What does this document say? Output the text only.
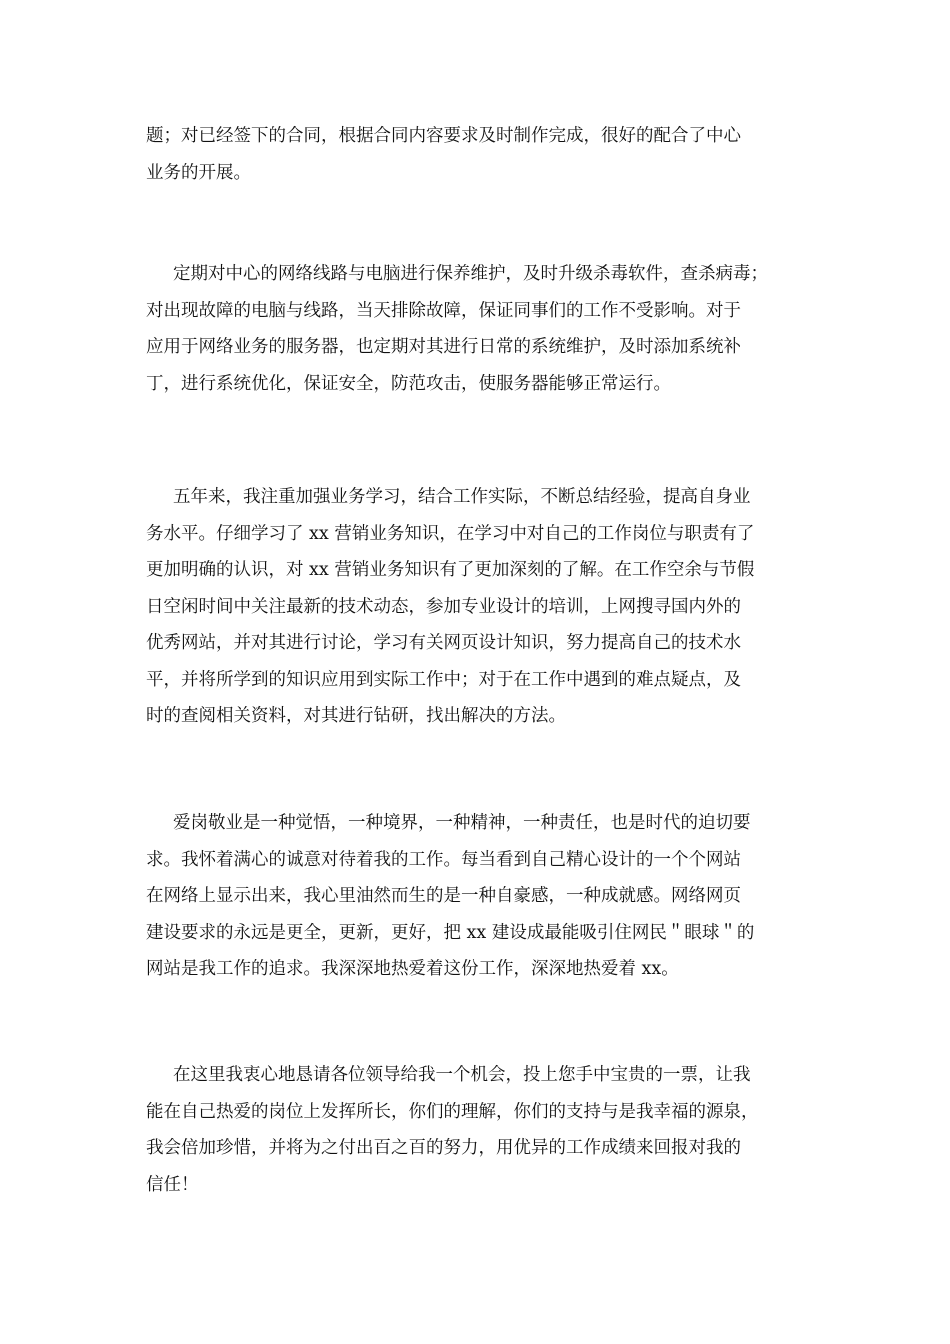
题；对已经签下的合同，根据合同内容要求及时制作完成，很好的配合了中心
业务的开展。
定期对中心的网络线路与电脑进行保养维护，及时升级杀毒软件，查杀病毒；
对出现故障的电脑与线路，当天排除故障，保证同事们的工作不受影响。对于
应用于网络业务的服务器，也定期对其进行日常的系统维护，及时添加系统补
丁，进行系统优化，保证安全，防范攻击，使服务器能够正常运行。
五年来，我注重加强业务学习，结合工作实际，不断总结经验，提高自身业
务水平。仔细学习了 xx 营销业务知识，在学习中对自己的工作岗位与职责有了
更加明确的认识，对 xx 营销业务知识有了更加深刻的了解。在工作空余与节假
日空闲时间中关注最新的技术动态，参加专业设计的培训，上网搜寻国内外的
优秀网站，并对其进行讨论，学习有关网页设计知识，努力提高自己的技术水
平，并将所学到的知识应用到实际工作中；对于在工作中遇到的难点疑点，及
时的查阅相关资料，对其进行钻研，找出解决的方法。
爱岗敬业是一种觉悟，一种境界，一种精神，一种责任，也是时代的迫切要
求。我怀着满心的诚意对待着我的工作。每当看到自己精心设计的一个个网站
在网络上显示出来，我心里油然而生的是一种自豪感，一种成就感。网络网页
建设要求的永远是更全，更新，更好，把 xx 建设成最能吸引住网民＂眼球＂的
网站是我工作的追求。我深深地热爱着这份工作，深深地热爱着 xx。
在这里我衷心地恳请各位领导给我一个机会，投上您手中宝贵的一票，让我
能在自己热爱的岗位上发挥所长，你们的理解，你们的支持与是我幸福的源泉，
我会倍加珍惜，并将为之付出百之百的努力，用优异的工作成绩来回报对我的
信任！
